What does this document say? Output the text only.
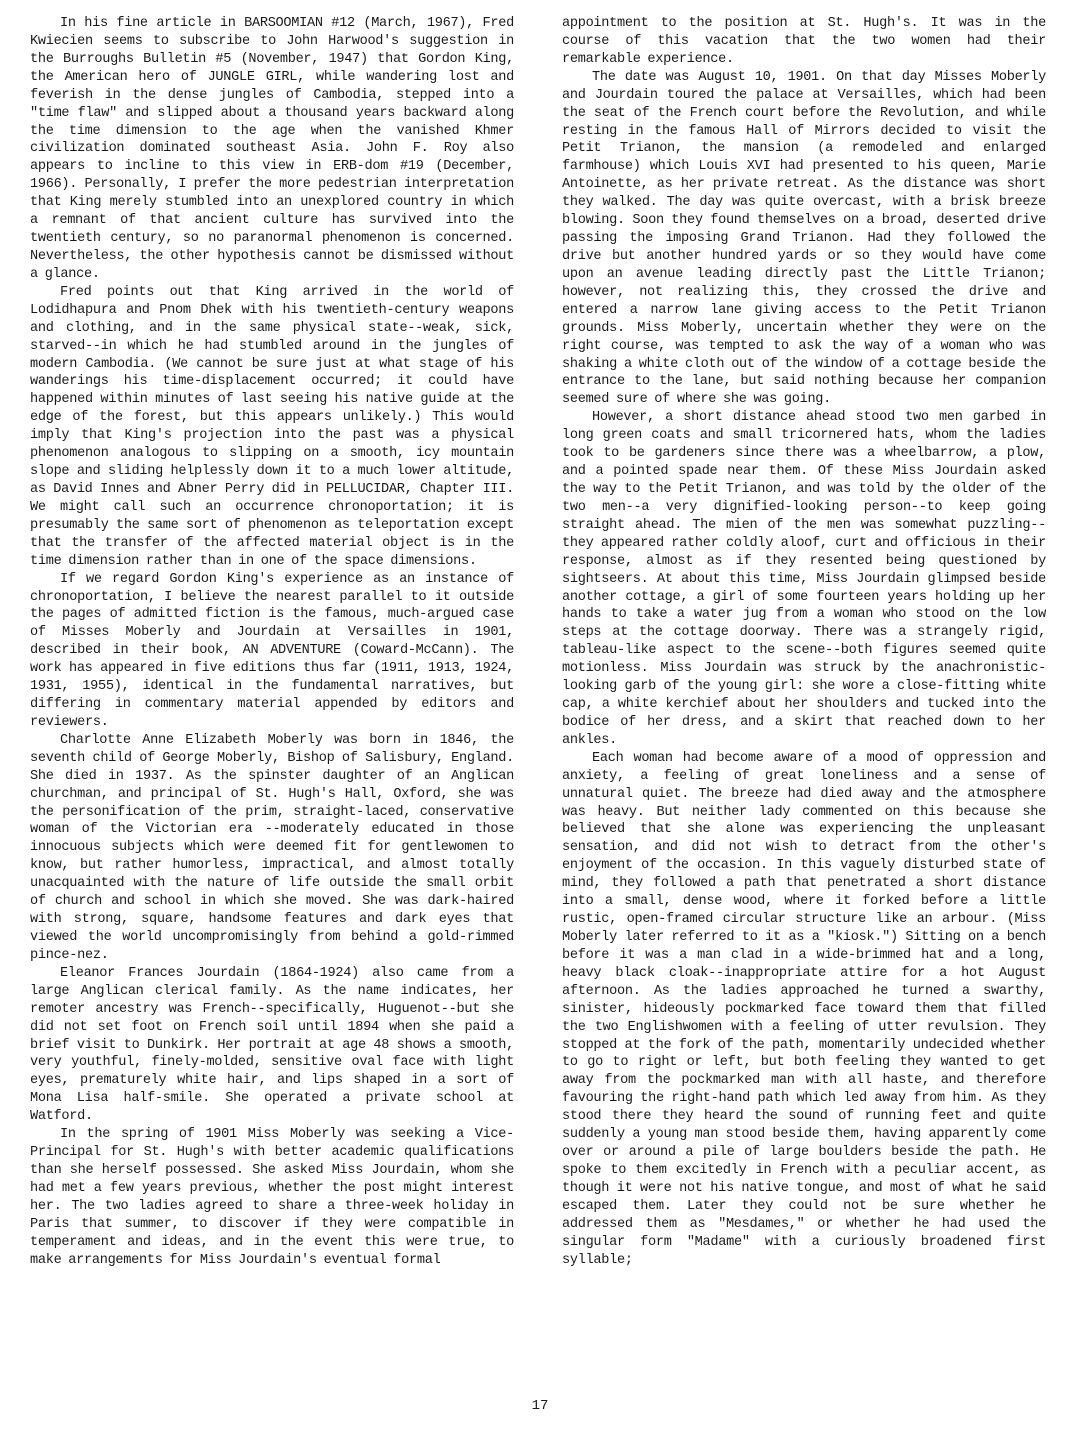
In his fine article in BARSOOMIAN #12 (March, 1967), Fred Kwiecien seems to subscribe to John Harwood's suggestion in the Burroughs Bulletin #5 (November, 1947) that Gordon King, the American hero of JUNGLE GIRL, while wandering lost and feverish in the dense jungles of Cambodia, stepped into a "time flaw" and slipped about a thousand years backward along the time dimension to the age when the vanished Khmer civilization dominated southeast Asia. John F. Roy also appears to incline to this view in ERB-dom #19 (December, 1966). Personally, I prefer the more pedestrian interpretation that King merely stumbled into an unexplored country in which a remnant of that ancient culture has survived into the twentieth century, so no paranormal phenomenon is concerned. Nevertheless, the other hypothesis cannot be dismissed without a glance.

Fred points out that King arrived in the world of Lodidhapura and Pnom Dhek with his twentieth-century weapons and clothing, and in the same physical state--weak, sick, starved--in which he had stumbled around in the jungles of modern Cambodia. (We cannot be sure just at what stage of his wanderings his time-displacement occurred; it could have happened within minutes of last seeing his native guide at the edge of the forest, but this appears unlikely.) This would imply that King's projection into the past was a physical phenomenon analogous to slipping on a smooth, icy mountain slope and sliding helplessly down it to a much lower altitude, as David Innes and Abner Perry did in PELLUCIDAR, Chapter III. We might call such an occurrence chronoportation; it is presumably the same sort of phenomenon as teleportation except that the transfer of the affected material object is in the time dimension rather than in one of the space dimensions.

If we regard Gordon King's experience as an instance of chronoportation, I believe the nearest parallel to it outside the pages of admitted fiction is the famous, much-argued case of Misses Moberly and Jourdain at Versailles in 1901, described in their book, AN ADVENTURE (Coward-McCann). The work has appeared in five editions thus far (1911, 1913, 1924, 1931, 1955), identical in the fundamental narratives, but differing in commentary material appended by editors and reviewers.

Charlotte Anne Elizabeth Moberly was born in 1846, the seventh child of George Moberly, Bishop of Salisbury, England. She died in 1937. As the spinster daughter of an Anglican churchman, and principal of St. Hugh's Hall, Oxford, she was the personification of the prim, straight-laced, conservative woman of the Victorian era --moderately educated in those innocuous subjects which were deemed fit for gentlewomen to know, but rather humorless, impractical, and almost totally unacquainted with the nature of life outside the small orbit of church and school in which she moved. She was dark-haired with strong, square, handsome features and dark eyes that viewed the world uncompromisingly from behind a gold-rimmed pince-nez.

Eleanor Frances Jourdain (1864-1924) also came from a large Anglican clerical family. As the name indicates, her remoter ancestry was French--specifically, Huguenot--but she did not set foot on French soil until 1894 when she paid a brief visit to Dunkirk. Her portrait at age 48 shows a smooth, very youthful, finely-molded, sensitive oval face with light eyes, prematurely white hair, and lips shaped in a sort of Mona Lisa half-smile. She operated a private school at Watford.

In the spring of 1901 Miss Moberly was seeking a Vice-Principal for St. Hugh's with better academic qualifications than she herself possessed. She asked Miss Jourdain, whom she had met a few years previous, whether the post might interest her. The two ladies agreed to share a three-week holiday in Paris that summer, to discover if they were compatible in temperament and ideas, and in the event this were true, to make arrangements for Miss Jourdain's eventual formal

appointment to the position at St. Hugh's. It was in the course of this vacation that the two women had their remarkable experience.

The date was August 10, 1901. On that day Misses Moberly and Jourdain toured the palace at Versailles, which had been the seat of the French court before the Revolution, and while resting in the famous Hall of Mirrors decided to visit the Petit Trianon, the mansion (a remodeled and enlarged farmhouse) which Louis XVI had presented to his queen, Marie Antoinette, as her private retreat. As the distance was short they walked. The day was quite overcast, with a brisk breeze blowing. Soon they found themselves on a broad, deserted drive passing the imposing Grand Trianon. Had they followed the drive but another hundred yards or so they would have come upon an avenue leading directly past the Little Trianon; however, not realizing this, they crossed the drive and entered a narrow lane giving access to the Petit Trianon grounds. Miss Moberly, uncertain whether they were on the right course, was tempted to ask the way of a woman who was shaking a white cloth out of the window of a cottage beside the entrance to the lane, but said nothing because her companion seemed sure of where she was going.

However, a short distance ahead stood two men garbed in long green coats and small tricornered hats, whom the ladies took to be gardeners since there was a wheelbarrow, a plow, and a pointed spade near them. Of these Miss Jourdain asked the way to the Petit Trianon, and was told by the older of the two men--a very dignified-looking person--to keep going straight ahead. The mien of the men was somewhat puzzling--they appeared rather coldly aloof, curt and officious in their response, almost as if they resented being questioned by sightseers. At about this time, Miss Jourdain glimpsed beside another cottage, a girl of some fourteen years holding up her hands to take a water jug from a woman who stood on the low steps at the cottage doorway. There was a strangely rigid, tableau-like aspect to the scene--both figures seemed quite motionless. Miss Jourdain was struck by the anachronistic-looking garb of the young girl: she wore a close-fitting white cap, a white kerchief about her shoulders and tucked into the bodice of her dress, and a skirt that reached down to her ankles.

Each woman had become aware of a mood of oppression and anxiety, a feeling of great loneliness and a sense of unnatural quiet. The breeze had died away and the atmosphere was heavy. But neither lady commented on this because she believed that she alone was experiencing the unpleasant sensation, and did not wish to detract from the other's enjoyment of the occasion. In this vaguely disturbed state of mind, they followed a path that penetrated a short distance into a small, dense wood, where it forked before a little rustic, open-framed circular structure like an arbour. (Miss Moberly later referred to it as a "kiosk.") Sitting on a bench before it was a man clad in a wide-brimmed hat and a long, heavy black cloak--inappropriate attire for a hot August afternoon. As the ladies approached he turned a swarthy, sinister, hideously pockmarked face toward them that filled the two Englishwomen with a feeling of utter revulsion. They stopped at the fork of the path, momentarily undecided whether to go to right or left, but both feeling they wanted to get away from the pockmarked man with all haste, and therefore favouring the right-hand path which led away from him. As they stood there they heard the sound of running feet and quite suddenly a young man stood beside them, having apparently come over or around a pile of large boulders beside the path. He spoke to them excitedly in French with a peculiar accent, as though it were not his native tongue, and most of what he said escaped them. Later they could not be sure whether he addressed them as "Mesdames," or whether he had used the singular form "Madame" with a curiously broadened first syllable;

17
